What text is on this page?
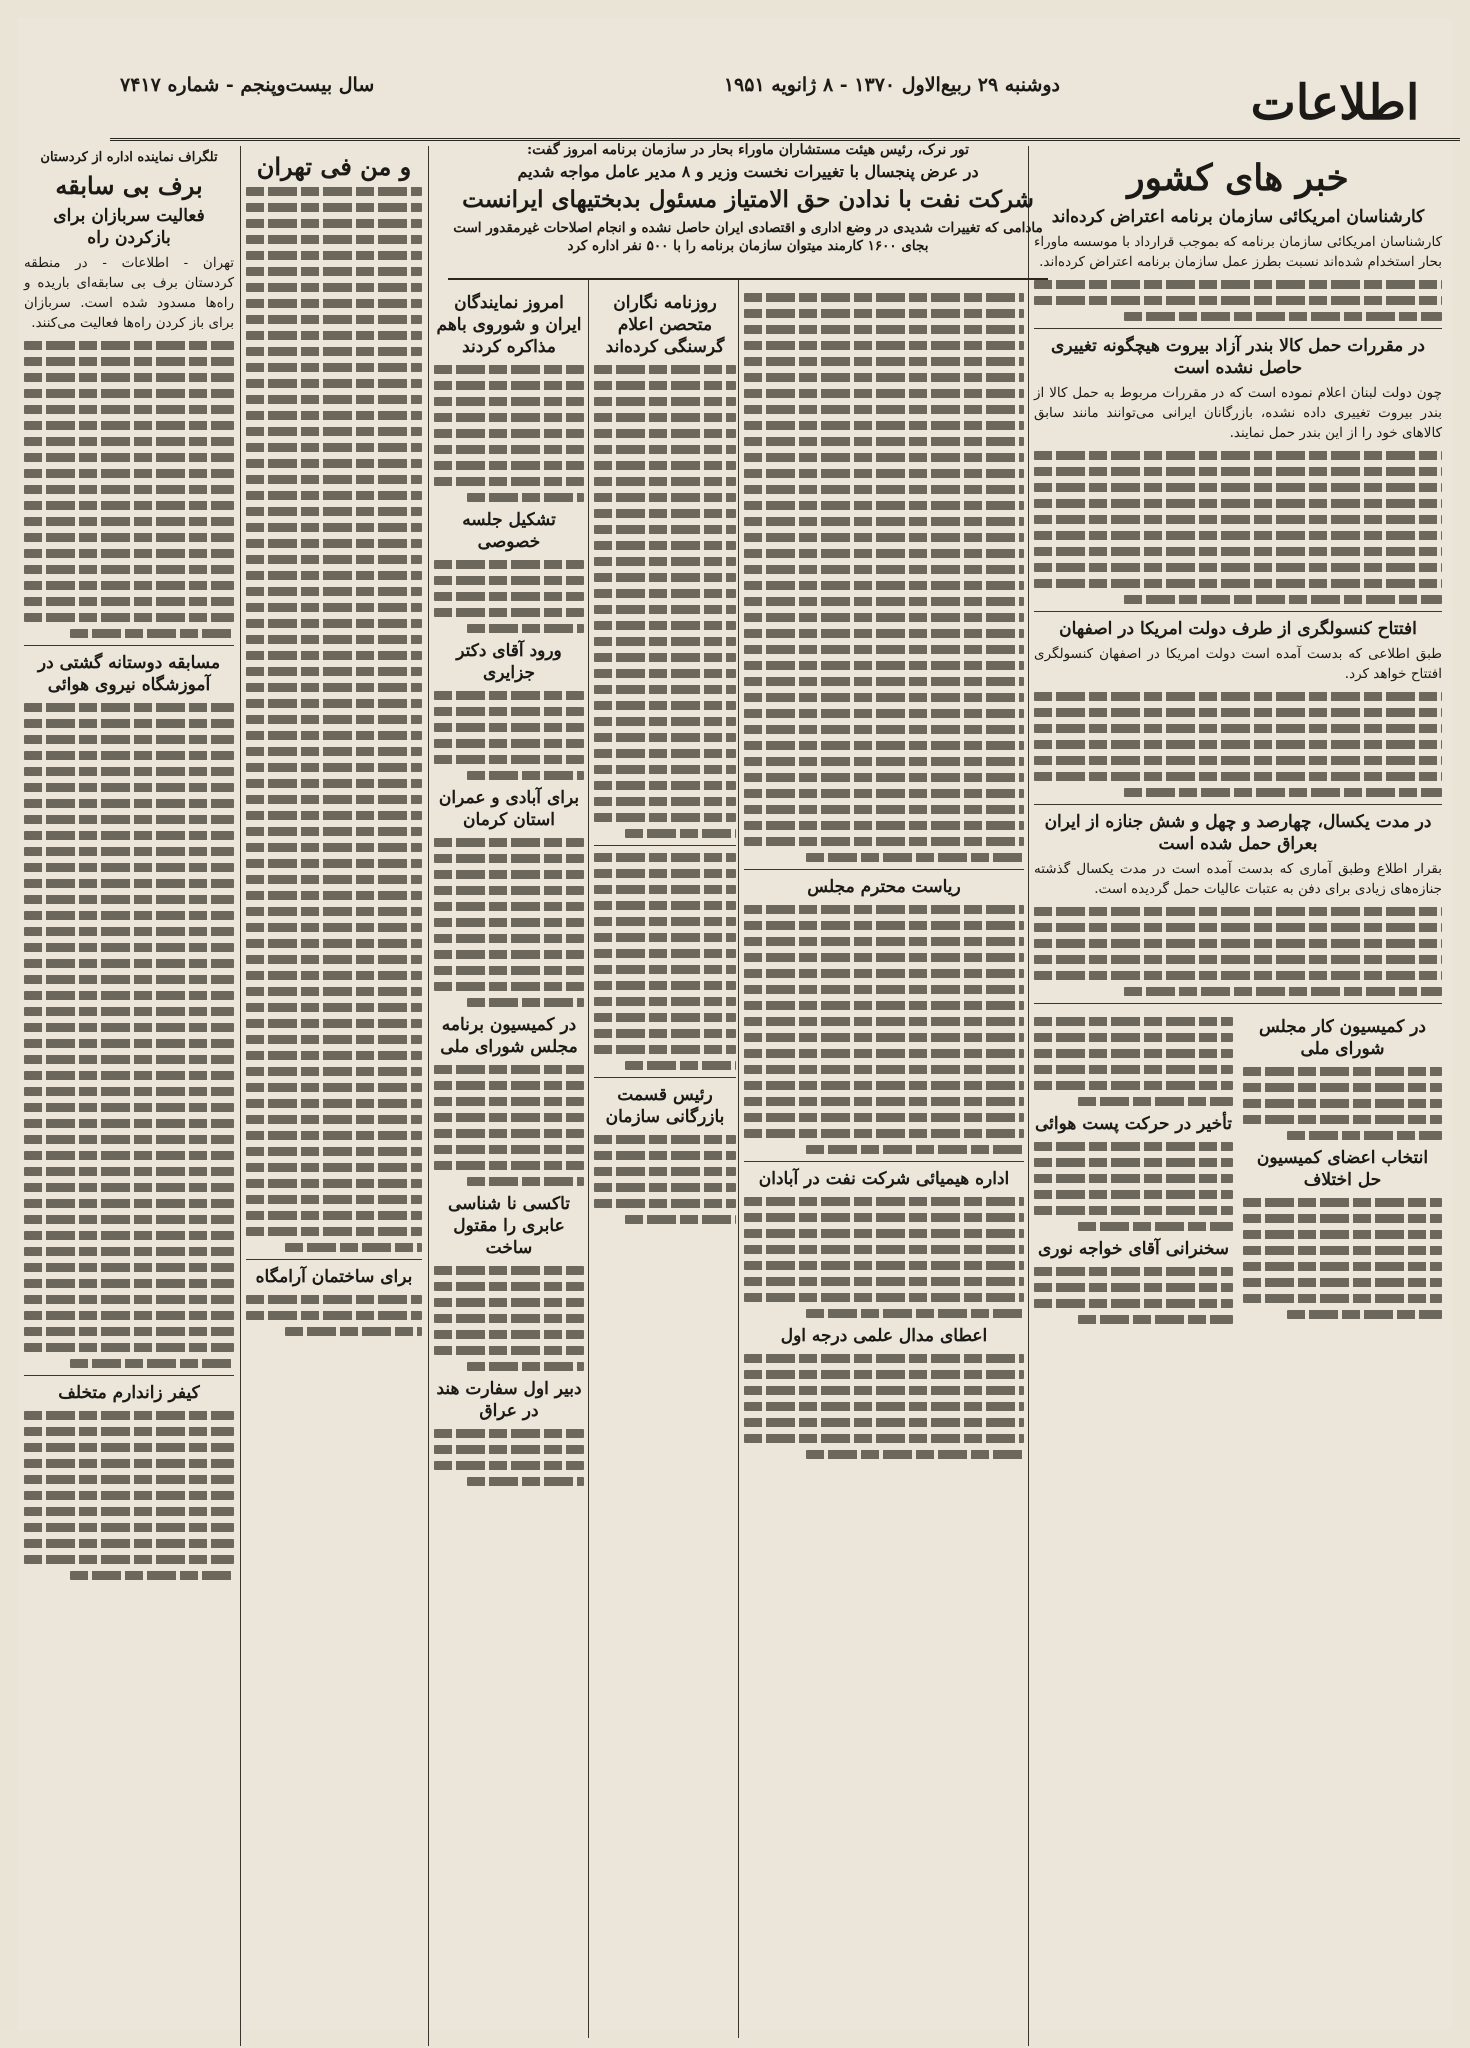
اطلاعات
دوشنبه ۲۹ ربیع‌الاول ۱۳۷۰ - ۸ ژانویه ۱۹۵۱
سال بیست‌وپنجم - شماره ۷۴۱۷
خبر های کشور
کارشناسان امریکائی سازمان برنامه اعتراض کرده‌اند

کارشناسان امریکائی سازمان برنامه که بموجب قرارداد با موسسه ماوراء بحار استخدام شده‌اند نسبت بطرز عمل سازمان برنامه اعتراض کرده‌اند.

در مقررات حمل کالا بندر آزاد بیروت هیچگونه تغییری حاصل نشده است

چون دولت لبنان اعلام نموده است که در مقررات مربوط به حمل کالا از بندر بیروت تغییری داده نشده، بازرگانان ایرانی می‌توانند مانند سابق کالاهای خود را از این بندر حمل نمایند.

افتتاح کنسولگری از طرف دولت امریکا در اصفهان

طبق اطلاعی که بدست آمده است دولت امریکا در اصفهان کنسولگری افتتاح خواهد کرد.

در مدت یکسال، چهارصد و چهل و شش جنازه از ایران بعراق حمل شده است

بقرار اطلاع وطبق آماری که بدست آمده است در مدت یکسال گذشته جنازه‌های زیادی برای دفن به عتبات عالیات حمل گردیده است.

در کمیسیون کار مجلس شورای ملی
انتخاب اعضای کمیسیون حل اختلاف
تأخیر در حرکت پست هوائی
سخنرانی آقای خواجه نوری
تور نرک، رئیس هیئت مستشاران ماوراء بحار در سازمان برنامه امروز گفت:
در عرض پنجسال با تغییرات نخست وزیر و ۸ مدیر عامل مواجه شدیم
شرکت نفت با ندادن حق الامتیاز مسئول بدبختیهای ایرانست
مادامی که تغییرات شدیدی در وضع اداری و اقتصادی ایران حاصل نشده و انجام اصلاحات غیرمقدور است بجای ۱۶۰۰ کارمند میتوان سازمان برنامه را با ۵۰۰ نفر اداره کرد
ریاست محترم مجلس
اداره هیمیائی شرکت نفت در آبادان
اعطای مدال علمی درجه اول
روزنامه نگاران متحصن اعلام گرسنگی کرده‌اند
رئیس قسمت بازرگانی سازمان
امروز نمایندگان ایران و شوروی باهم مذاکره کردند
تشکیل جلسه خصوصی
ورود آقای دکتر جزایری
برای آبادی و عمران استان کرمان
در کمیسیون برنامه مجلس شورای ملی
تاکسی نا شناسی عابری را مقتول ساخت
دبیر اول سفارت هند در عراق
و من فی تهران
برای ساختمان آرامگاه
تلگراف نماینده اداره از کردستان
برف بی سابقه
فعالیت سربازان برای بازکردن راه

تهران - اطلاعات - در منطقه کردستان برف بی سابقه‌ای باریده و راه‌ها مسدود شده است. سربازان برای باز کردن راه‌ها فعالیت می‌کنند.

مسابقه دوستانه گشتی در آموزشگاه نیروی هوائی
کیفر زاندارم متخلف
